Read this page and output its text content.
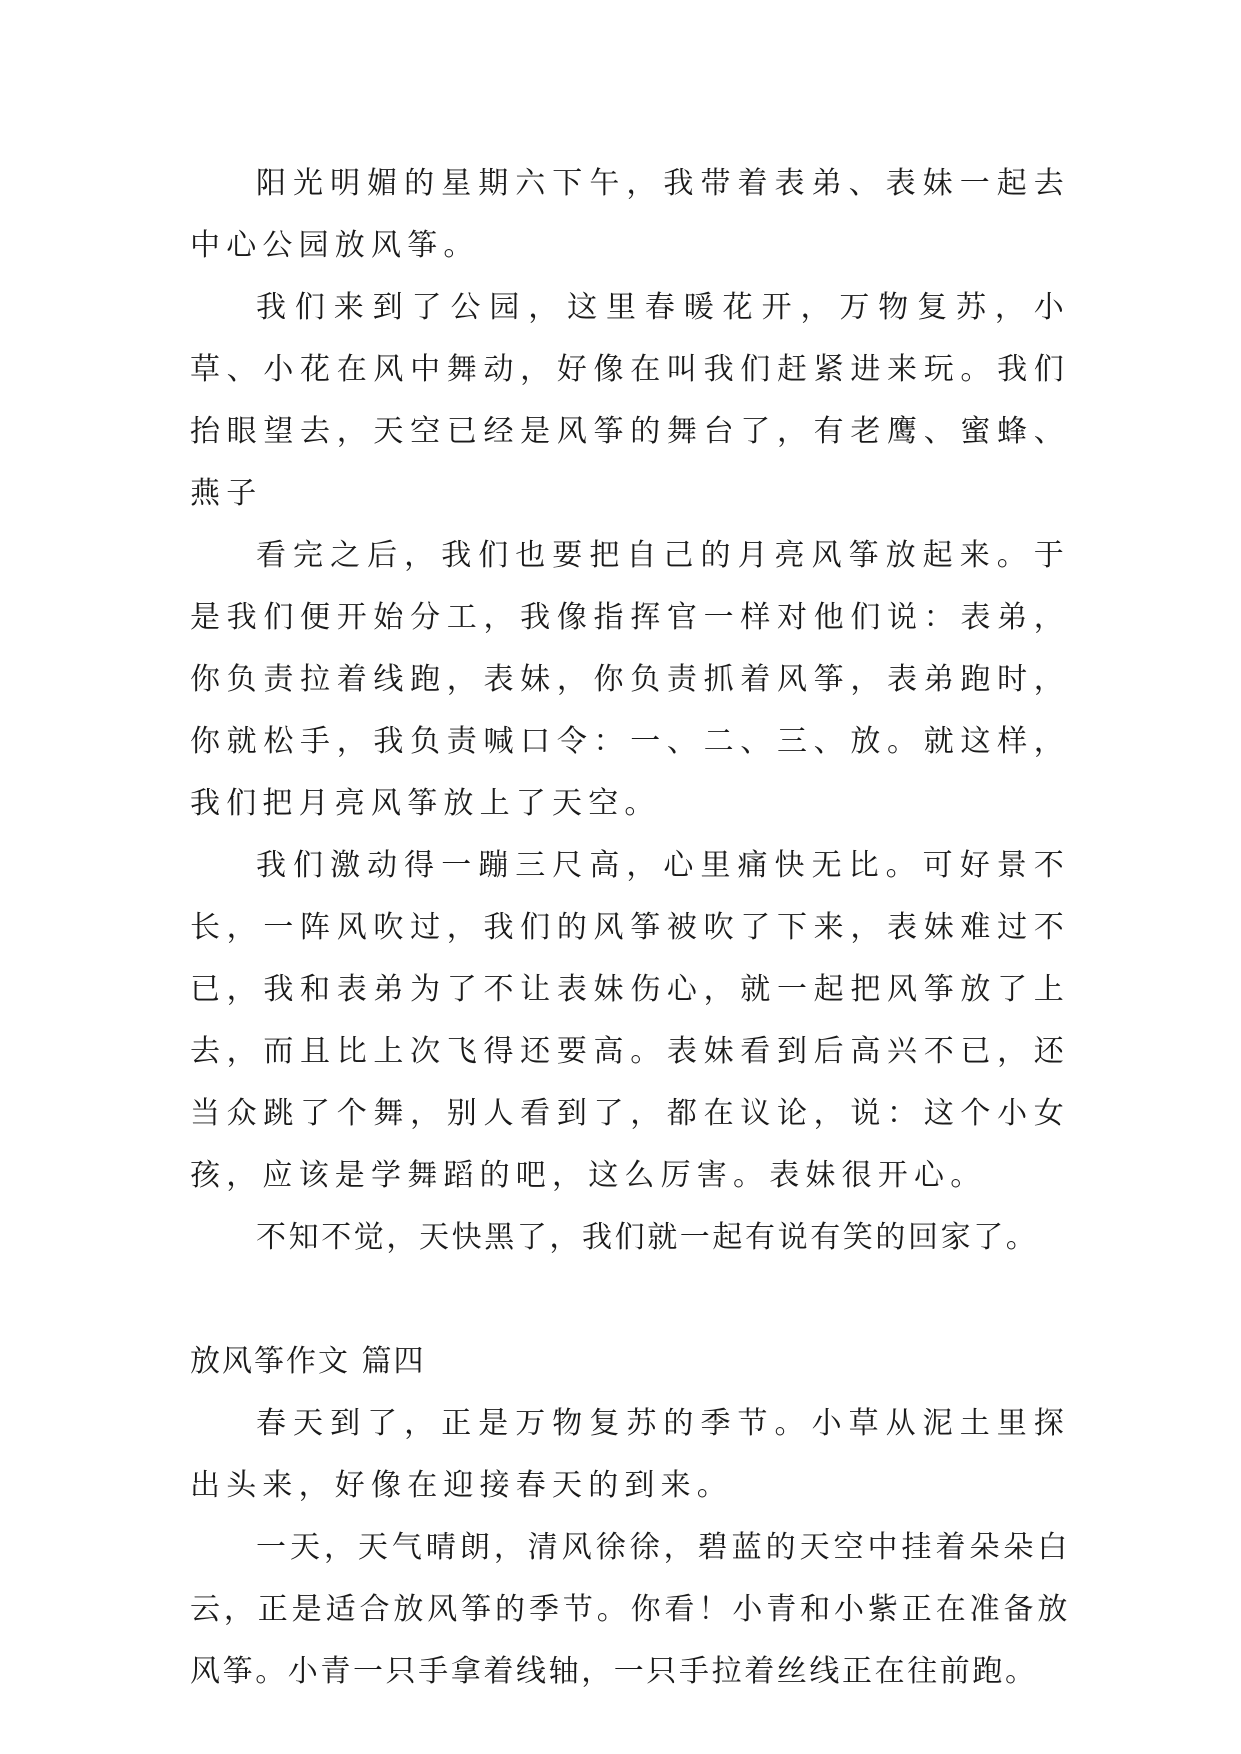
阳光明媚的星期六下午，我带着表弟、表妹一起去中心公园放风筝。

我们来到了公园，这里春暖花开，万物复苏，小草、小花在风中舞动，好像在叫我们赶紧进来玩。我们抬眼望去，天空已经是风筝的舞台了，有老鹰、蜜蜂、燕子

看完之后，我们也要把自己的月亮风筝放起来。于是我们便开始分工，我像指挥官一样对他们说：表弟，你负责拉着线跑，表妹，你负责抓着风筝，表弟跑时，你就松手，我负责喊口令：一、二、三、放。就这样，我们把月亮风筝放上了天空。

我们激动得一蹦三尺高，心里痛快无比。可好景不长，一阵风吹过，我们的风筝被吹了下来，表妹难过不已，我和表弟为了不让表妹伤心，就一起把风筝放了上去，而且比上次飞得还要高。表妹看到后高兴不已，还当众跳了个舞，别人看到了，都在议论，说：这个小女孩，应该是学舞蹈的吧，这么厉害。表妹很开心。

不知不觉，天快黑了，我们就一起有说有笑的回家了。

放风筝作文 篇四

春天到了，正是万物复苏的季节。小草从泥土里探出头来，好像在迎接春天的到来。

一天，天气晴朗，清风徐徐，碧蓝的天空中挂着朵朵白云，正是适合放风筝的季节。你看！小青和小紫正在准备放风筝。小青一只手拿着线轴，一只手拉着丝线正在往前跑。
